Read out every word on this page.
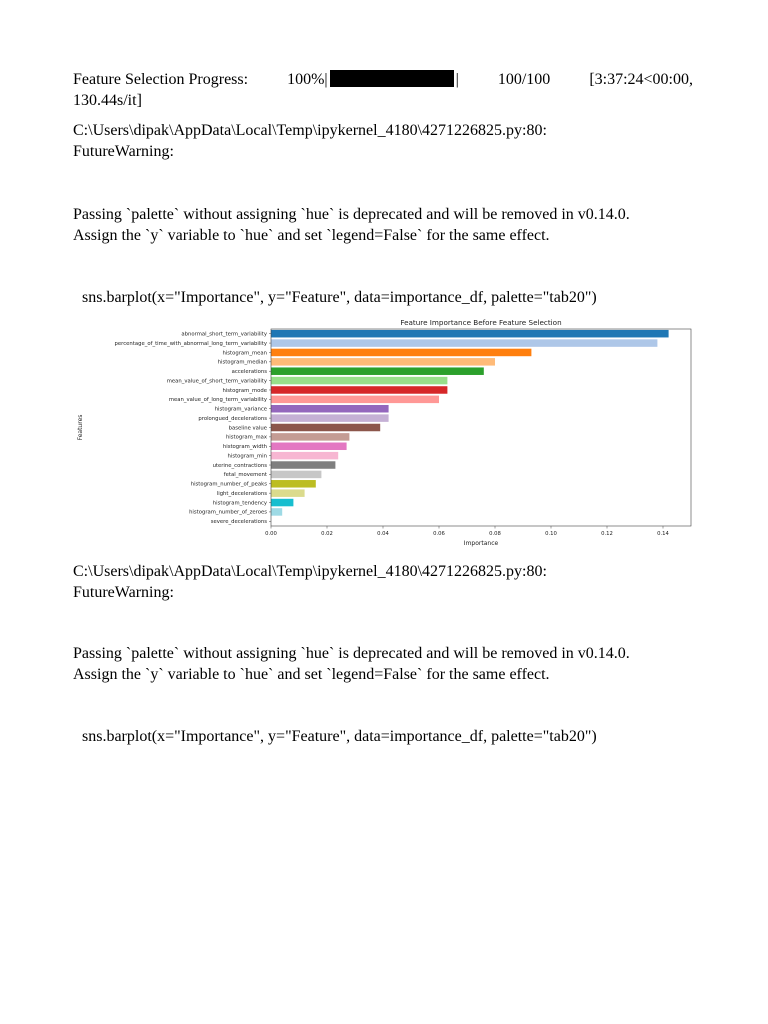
Feature Selection Progress: 100%|	| 100/100 [3:37:24<00:00,

130.44s/it]

C:\Users\dipak\AppData\Local\Temp\ipykernel_4180\4271226825.py:80:

FutureWarning:

Passing `palette` without assigning `hue` is deprecated and will be removed in v0.14.0.

Assign the `y` variable to `hue` and set `legend=False` for the same effect.

sns.barplot(x="Importance", y="Feature", data=importance_df, palette="tab20")

Feature Importance Before Feature Selection
Features
Importance
abnormal_short_term_variability
percentage_of_time_with_abnormal_long_term_variability
histogram_mean
histogram_median
accelerations
mean_value_of_short_term_variability
histogram_mode
mean_value_of_long_term_variability
histogram_variance
prolongued_decelerations
baseline value
histogram_max
histogram_width
histogram_min
uterine_contractions
fetal_movement
histogram_number_of_peaks
light_decelerations
histogram_tendency
histogram_number_of_zeroes
severe_decelerations
0.00	0.02	0.04	0.06	0.08	0.10	0.12	0.14

C:\Users\dipak\AppData\Local\Temp\ipykernel_4180\4271226825.py:80:

FutureWarning:

Passing `palette` without assigning `hue` is deprecated and will be removed in v0.14.0.

Assign the `y` variable to `hue` and set `legend=False` for the same effect.

sns.barplot(x="Importance", y="Feature", data=importance_df, palette="tab20")
